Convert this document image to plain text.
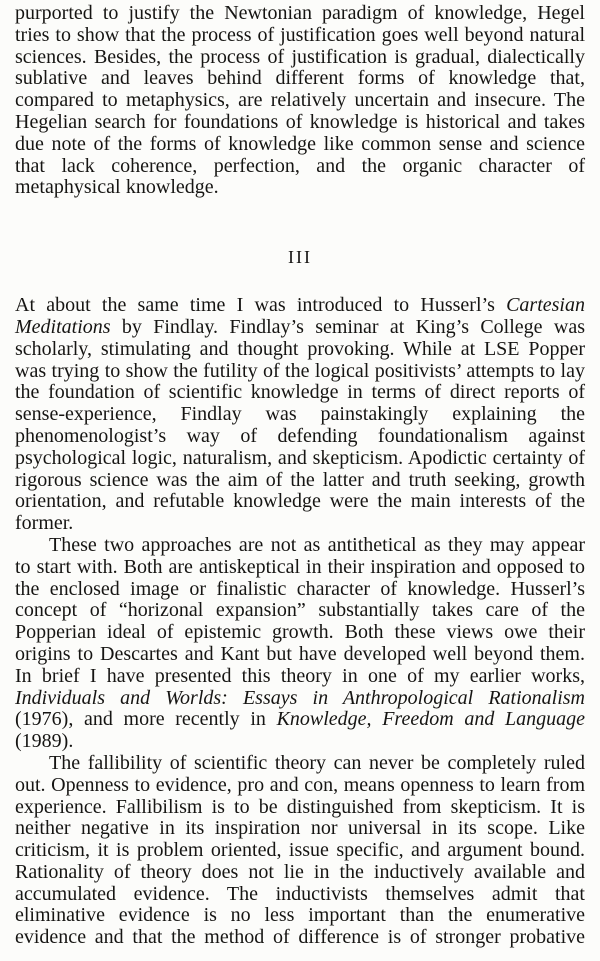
purported to justify the Newtonian paradigm of knowledge, Hegel tries to show that the process of justification goes well beyond natural sciences. Besides, the process of justification is gradual, dialectically sublative and leaves behind different forms of knowledge that, compared to metaphysics, are relatively uncertain and insecure. The Hegelian search for foundations of knowledge is historical and takes due note of the forms of knowledge like common sense and science that lack coherence, perfection, and the organic character of metaphysical knowledge.

III

At about the same time I was introduced to Husserl’s Cartesian Meditations by Findlay. Findlay’s seminar at King’s College was scholarly, stimulating and thought provoking. While at LSE Popper was trying to show the futility of the logical positivists’ attempts to lay the foundation of scientific knowledge in terms of direct reports of sense-experience, Findlay was painstakingly explaining the phenomenologist’s way of defending foundationalism against psychological logic, naturalism, and skepticism. Apodictic certainty of rigorous science was the aim of the latter and truth seeking, growth orientation, and refutable knowledge were the main interests of the former.

These two approaches are not as antithetical as they may appear to start with. Both are antiskeptical in their inspiration and opposed to the enclosed image or finalistic character of knowledge. Husserl’s concept of “horizonal expansion” substantially takes care of the Popperian ideal of epistemic growth. Both these views owe their origins to Descartes and Kant but have developed well beyond them. In brief I have presented this theory in one of my earlier works, Individuals and Worlds: Essays in Anthropological Rationalism (1976), and more recently in Knowledge, Freedom and Language (1989).

The fallibility of scientific theory can never be completely ruled out. Openness to evidence, pro and con, means openness to learn from experience. Fallibilism is to be distinguished from skepticism. It is neither negative in its inspiration nor universal in its scope. Like criticism, it is problem oriented, issue specific, and argument bound. Rationality of theory does not lie in the inductively available and accumulated evidence. The inductivists themselves admit that eliminative evidence is no less important than the enumerative evidence and that the method of difference is of stronger probative
